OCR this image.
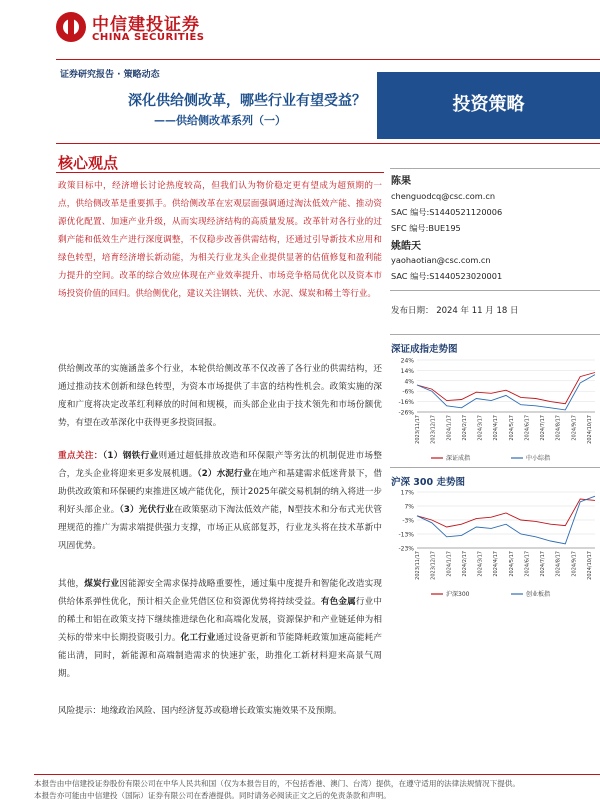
中信建投证券
CHINA SECURITIES
证券研究报告 · 策略动态
深化供给侧改革，哪些行业有望受益？
——供给侧改革系列（一）
投资策略
核心观点
政策目标中，经济增长讨论热度较高，但我们认为物价稳定更有望成为超预期的一点，供给侧改革是重要抓手。供给侧改革在宏观层面强调通过淘汰低效产能、推动资源优化配置、加速产业升级，从而实现经济结构的高质量发展。改革针对各行业的过剩产能和低效生产进行深度调整，不仅稳步改善供需结构，还通过引导新技术应用和绿色转型，培育经济增长新动能，为相关行业龙头企业提供显著的估值修复和盈利能力提升的空间。改革的综合效应体现在产业效率提升、市场竞争格局优化以及资本市场投资价值的回归。供给侧优化，建议关注钢铁、光伏、水泥、煤炭和稀土等行业。
供给侧改革的实施涵盖多个行业，本轮供给侧改革不仅改善了各行业的供需结构，还通过推动技术创新和绿色转型，为资本市场提供了丰富的结构性机会。政策实施的深度和广度将决定改革红利释放的时间和规模，而头部企业由于技术领先和市场份额优势，有望在改革深化中获得更多投资回报。
重点关注：（1）钢铁行业则通过超低排放改造和环保限产等劣汰的机制促进市场整合，龙头企业将迎来更多发展机遇。（2）水泥行业在地产和基建需求低迷背景下，借助供改政策和环保硬约束推进区域产能优化，预计2025年碳交易机制的纳入将进一步利好头部企业。（3）光伏行业在政策驱动下淘汰低效产能，N型技术和分布式光伏管理规范的推广为需求端提供强力支撑，市场正从底部复苏，行业龙头将在技术革新中巩固优势。
其他，煤炭行业因能源安全需求保持战略重要性，通过集中度提升和智能化改造实现供给体系弹性优化，预计相关企业凭借区位和资源优势将持续受益。有色金属行业中的稀土和铝在政策支持下继续推进绿色化和高端化发展，资源保护和产业链延伸为相关标的带来中长期投资吸引力。化工行业通过设备更新和节能降耗政策加速高能耗产能出清，同时，新能源和高端制造需求的快速扩张，助推化工新材料迎来高景气周期。
风险提示：地缘政治风险、国内经济复苏或稳增长政策实施效果不及预期。
陈果
chenguodcq@csc.com.cn
SAC 编号:S1440521120006
SFC 编号:BUE195
姚皓天
yaohaotian@csc.com.cn
SAC 编号:S1440523020001
发布日期： 2024 年 11 月 18 日
深证成指走势图
24%
14%
4%
-6%
-16%
-26%
2023/11/17 2023/12/17 2024/1/17 2024/2/17 2024/3/17 2024/4/17 2024/5/17 2024/6/17 2024/7/17 2024/8/17 2024/9/17 2024/10/17
深证成指	中小综指
沪深 300 走势图
17%
7%
-3%
-13%
-23%
2023/11/17 2023/12/17 2024/1/17 2024/2/17 2024/3/17 2024/4/17 2024/5/17 2024/6/17 2024/7/17 2024/8/17 2024/9/17 2024/10/17
沪深300	创业板指
本报告由中信建投证券股份有限公司在中华人民共和国（仅为本报告目的，不包括香港、澳门、台湾）提供，在遵守适用的法律法规情况下提供。
本报告亦可能由中信建投（国际）证券有限公司在香港提供。同时请务必阅读正文之后的免责条款和声明。
